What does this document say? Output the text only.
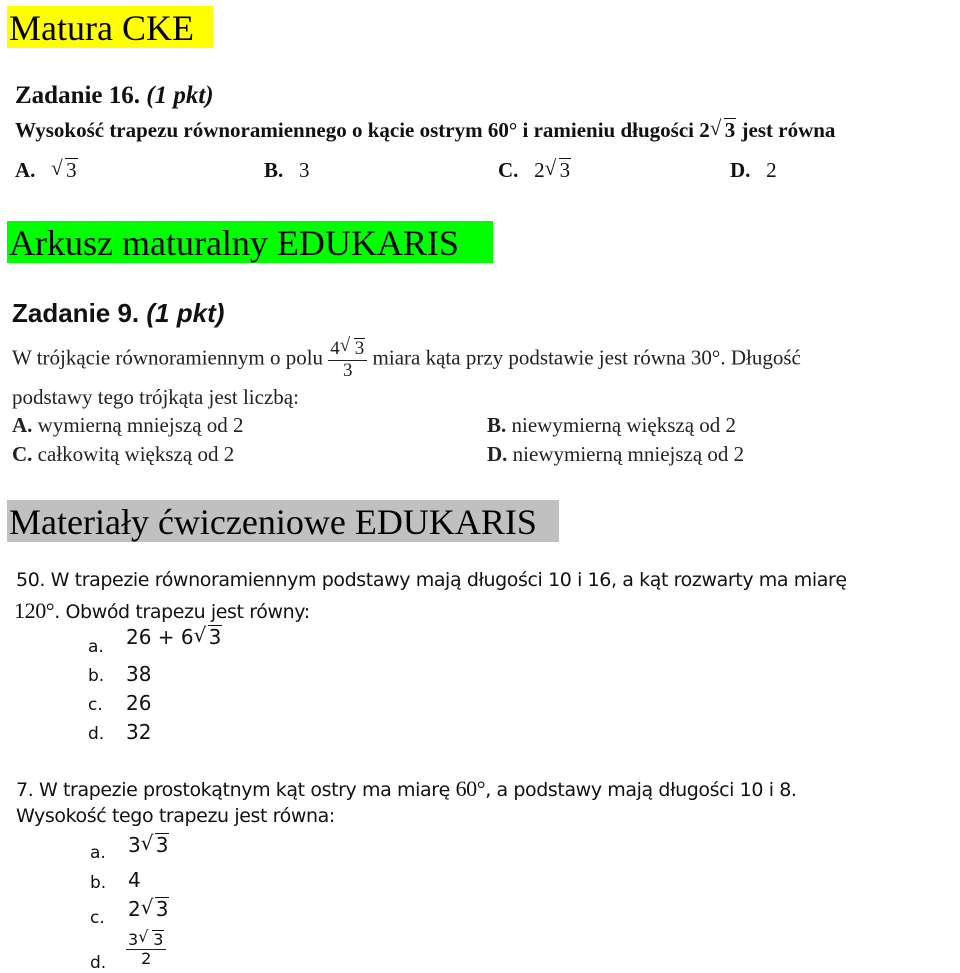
Matura CKE
Arkusz maturalny EDUKARIS
Materiały ćwiczeniowe EDUKARIS
Zadanie 16. (1 pkt)
Wysokość trapezu równoramiennego o kącie ostrym 60° i ramieniu długości 2 √ 3 jest równa
A. √ 3	B. 3	C. 2 √ 3	D. 2
Zadanie 9. (1 pkt)
W trójkącie równoramiennym o polu $\frac{4 √ 3}{3}$ miara kąta przy podstawie jest równa 30°. Długość
podstawy tego trójkąta jest liczbą:
A. wymierną mniejszą od 2	B. niewymierną większą od 2
C. całkowitą większą od 2	D. niewymierną mniejszą od 2
50. W trapezie równoramiennym podstawy mają długości 10 i 16, a kąt rozwarty ma miarę
120°. Obwód trapezu jest równy:
a. 26 + 6 √ 3
b. 38
c. 26
d. 32
7. W trapezie prostokątnym kąt ostry ma miarę 60°, a podstawy mają długości 10 i 8.
Wysokość tego trapezu jest równa:
a. 3 √ 3
b. 4
c. 2 √ 3
d. $\frac{3 √ 3}{2}$
